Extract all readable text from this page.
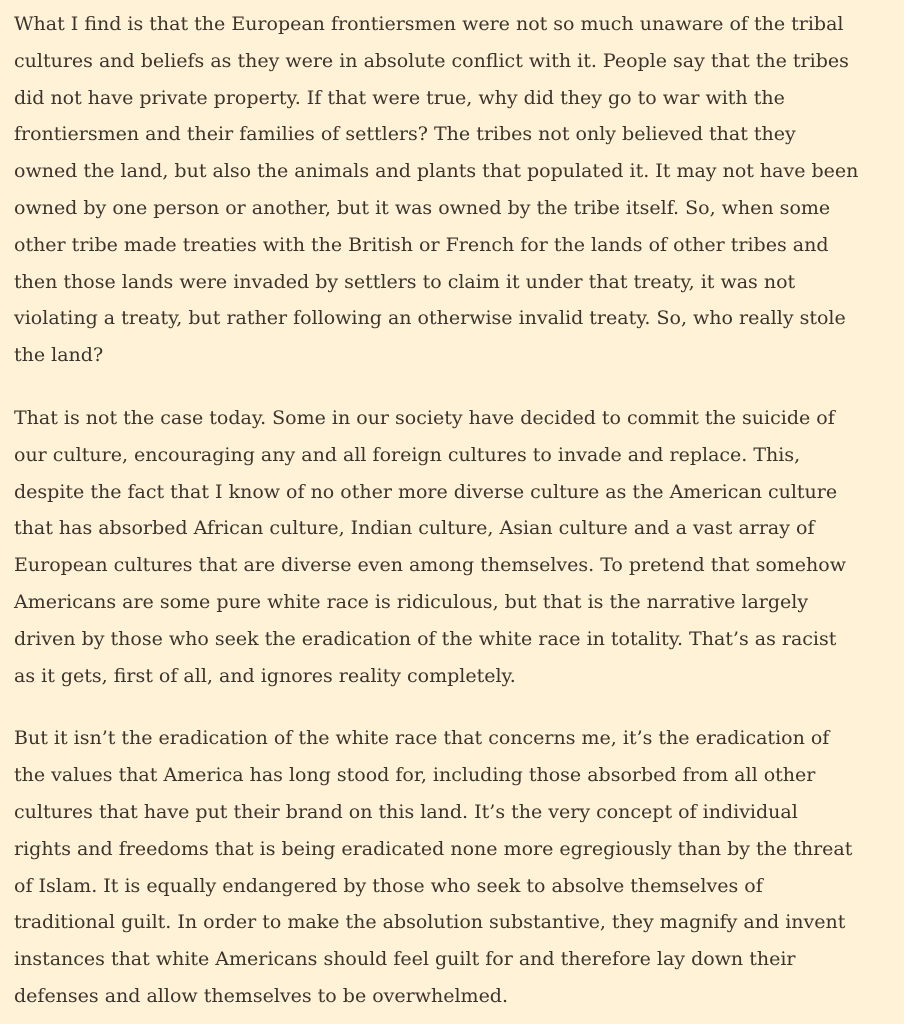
What I find is that the European frontiersmen were not so much unaware of the tribal
cultures and beliefs as they were in absolute conflict with it. People say that the tribes
did not have private property. If that were true, why did they go to war with the
frontiersmen and their families of settlers? The tribes not only believed that they
owned the land, but also the animals and plants that populated it. It may not have been
owned by one person or another, but it was owned by the tribe itself. So, when some
other tribe made treaties with the British or French for the lands of other tribes and
then those lands were invaded by settlers to claim it under that treaty, it was not
violating a treaty, but rather following an otherwise invalid treaty. So, who really stole
the land?

That is not the case today. Some in our society have decided to commit the suicide of
our culture, encouraging any and all foreign cultures to invade and replace. This,
despite the fact that I know of no other more diverse culture as the American culture
that has absorbed African culture, Indian culture, Asian culture and a vast array of
European cultures that are diverse even among themselves. To pretend that somehow
Americans are some pure white race is ridiculous, but that is the narrative largely
driven by those who seek the eradication of the white race in totality. That’s as racist
as it gets, first of all, and ignores reality completely.

But it isn’t the eradication of the white race that concerns me, it’s the eradication of
the values that America has long stood for, including those absorbed from all other
cultures that have put their brand on this land. It’s the very concept of individual
rights and freedoms that is being eradicated none more egregiously than by the threat
of Islam. It is equally endangered by those who seek to absolve themselves of
traditional guilt. In order to make the absolution substantive, they magnify and invent
instances that white Americans should feel guilt for and therefore lay down their
defenses and allow themselves to be overwhelmed.
